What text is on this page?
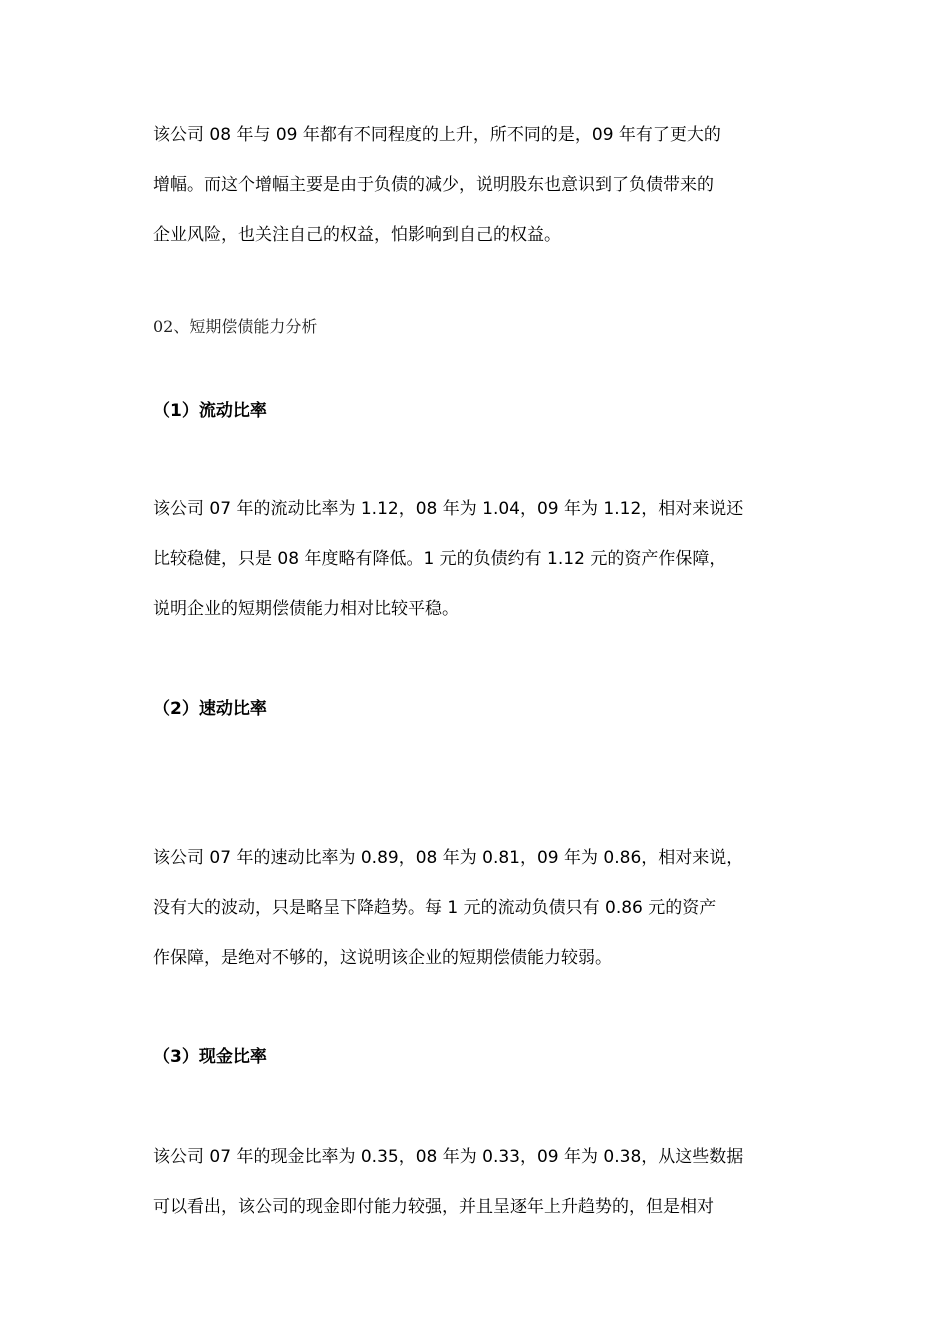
该公司 08 年与 09 年都有不同程度的上升，所不同的是，09 年有了更大的
增幅。而这个增幅主要是由于负债的减少，说明股东也意识到了负债带来的
企业风险，也关注自己的权益，怕影响到自己的权益。
02、短期偿债能力分析
（1）流动比率
该公司 07 年的流动比率为 1.12，08 年为 1.04，09 年为 1.12，相对来说还
比较稳健，只是 08 年度略有降低。1 元的负债约有 1.12 元的资产作保障，
说明企业的短期偿债能力相对比较平稳。
（2）速动比率
该公司 07 年的速动比率为 0.89，08 年为 0.81，09 年为 0.86，相对来说，
没有大的波动，只是略呈下降趋势。每 1 元的流动负债只有 0.86 元的资产
作保障，是绝对不够的，这说明该企业的短期偿债能力较弱。
（3）现金比率
该公司 07 年的现金比率为 0.35，08 年为 0.33，09 年为 0.38，从这些数据
可以看出，该公司的现金即付能力较强，并且呈逐年上升趋势的，但是相对
